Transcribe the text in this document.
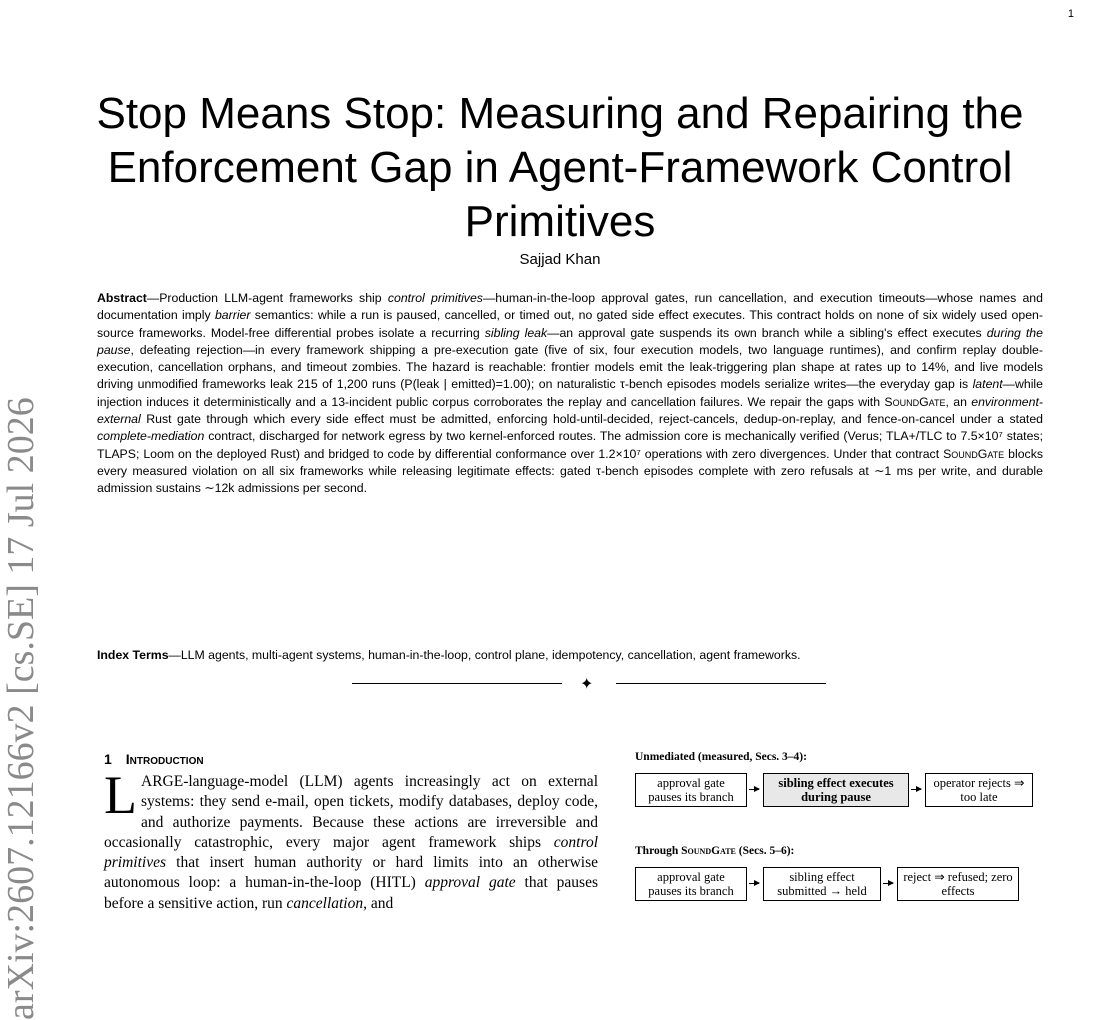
1
Stop Means Stop: Measuring and Repairing the Enforcement Gap in Agent-Framework Control Primitives
Sajjad Khan
Abstract—Production LLM-agent frameworks ship control primitives—human-in-the-loop approval gates, run cancellation, and execution timeouts—whose names and documentation imply barrier semantics: while a run is paused, cancelled, or timed out, no gated side effect executes. This contract holds on none of six widely used open-source frameworks. Model-free differential probes isolate a recurring sibling leak—an approval gate suspends its own branch while a sibling's effect executes during the pause, defeating rejection—in every framework shipping a pre-execution gate (five of six, four execution models, two language runtimes), and confirm replay double-execution, cancellation orphans, and timeout zombies. The hazard is reachable: frontier models emit the leak-triggering plan shape at rates up to 14%, and live models driving unmodified frameworks leak 215 of 1,200 runs (P(leak | emitted)=1.00); on naturalistic τ-bench episodes models serialize writes—the everyday gap is latent—while injection induces it deterministically and a 13-incident public corpus corroborates the replay and cancellation failures. We repair the gaps with SoundGate, an environment-external Rust gate through which every side effect must be admitted, enforcing hold-until-decided, reject-cancels, dedup-on-replay, and fence-on-cancel under a stated complete-mediation contract, discharged for network egress by two kernel-enforced routes. The admission core is mechanically verified (Verus; TLA+/TLC to 7.5×10⁷ states; TLAPS; Loom on the deployed Rust) and bridged to code by differential conformance over 1.2×10⁷ operations with zero divergences. Under that contract SoundGate blocks every measured violation on all six frameworks while releasing legitimate effects: gated τ-bench episodes complete with zero refusals at ∼1 ms per write, and durable admission sustains ∼12k admissions per second.
Index Terms—LLM agents, multi-agent systems, human-in-the-loop, control plane, idempotency, cancellation, agent frameworks.
✦
arXiv:2607.12166v2 [cs.SE] 17 Jul 2026	1 Introduction
LARGE-language-model (LLM) agents increasingly act on external systems: they send e-mail, open tickets, modify databases, deploy code, and authorize payments. Because these actions are irreversible and occasionally catastrophic, every major agent framework ships control primitives that insert human authority or hard limits into an otherwise autonomous loop: a human-in-the-loop (HITL) approval gate that pauses before a sensitive action, run cancellation, and
Unmediated (measured, Secs. 3–4):
approval gate pauses its branch
sibling effect executes during pause
operator rejects ⇒ too late
Through SoundGate (Secs. 5–6):
approval gate pauses its branch
sibling effect submitted → held
reject ⇒ refused; zero effects
